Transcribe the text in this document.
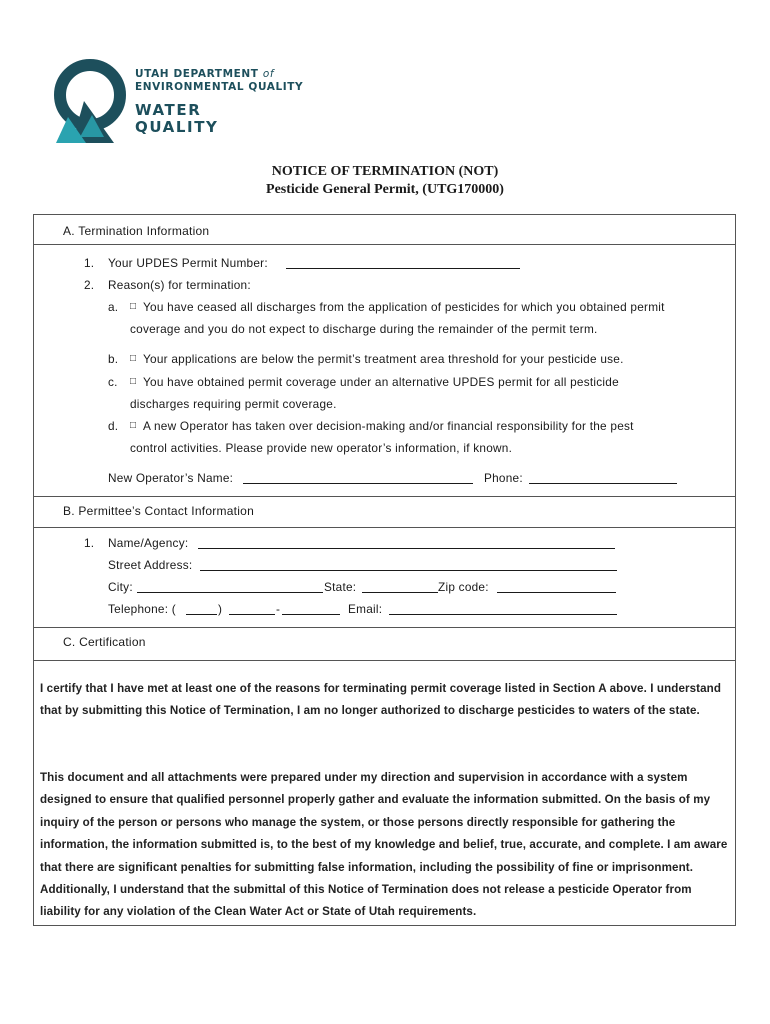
UTAH DEPARTMENT of
ENVIRONMENTAL QUALITY
WATER
QUALITY
NOTICE OF TERMINATION (NOT)
Pesticide General Permit, (UTG170000)
A. Termination Information
1. Your UPDES Permit Number:
2. Reason(s) for termination:
a. □ You have ceased all discharges from the application of pesticides for which you obtained permit
coverage and you do not expect to discharge during the remainder of the permit term.
b. □ Your applications are below the permit’s treatment area threshold for your pesticide use.
c. □ You have obtained permit coverage under an alternative UPDES permit for all pesticide
discharges requiring permit coverage.
d. □ A new Operator has taken over decision-making and/or financial responsibility for the pest
control activities. Please provide new operator’s information, if known.
New Operator’s Name:	Phone:
B. Permittee’s Contact Information
1. Name/Agency:
Street Address:
City:	State:	Zip code:
Telephone: (	)	-	Email:
C. Certification

I certify that I have met at least one of the reasons for terminating permit coverage listed in Section A above. I understand that by submitting this Notice of Termination, I am no longer authorized to discharge pesticides to waters of the state.

This document and all attachments were prepared under my direction and supervision in accordance with a system designed to ensure that qualified personnel properly gather and evaluate the information submitted. On the basis of my inquiry of the person or persons who manage the system, or those persons directly responsible for gathering the information, the information submitted is, to the best of my knowledge and belief, true, accurate, and complete. I am aware that there are significant penalties for submitting false information, including the possibility of fine or imprisonment. Additionally, I understand that the submittal of this Notice of Termination does not release a pesticide Operator from liability for any violation of the Clean Water Act or State of Utah requirements.
